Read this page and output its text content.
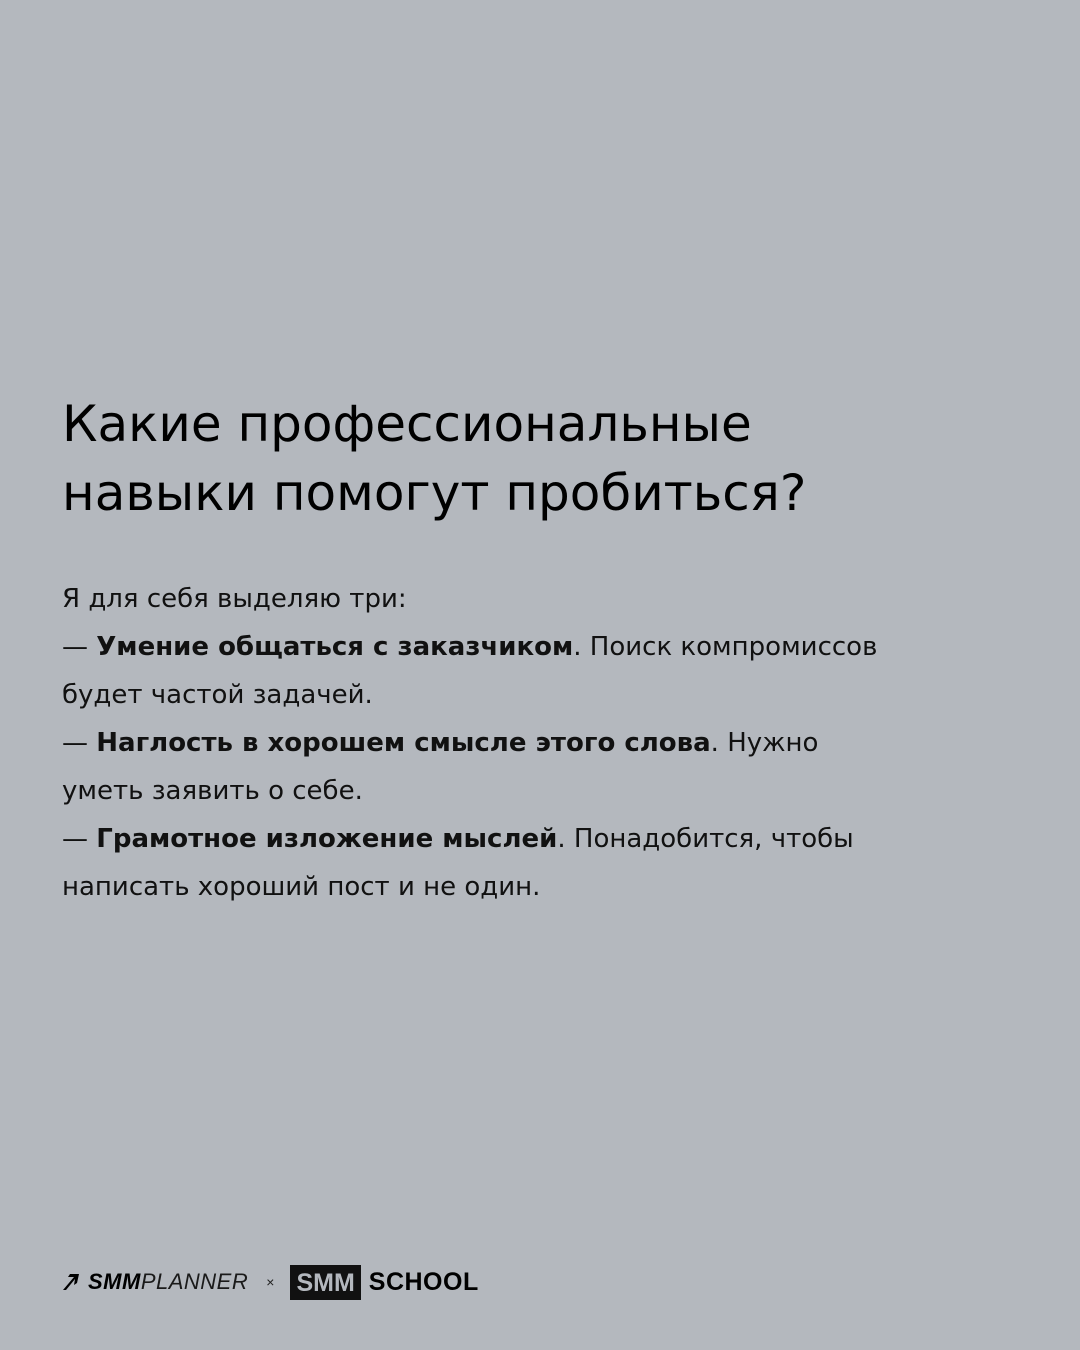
Какие профессиональные
навыки помогут пробиться?
Я для себя выделяю три:
— Умение общаться с заказчиком. Поиск компромиссов
будет частой задачей.
— Наглость в хорошем смысле этого слова. Нужно
уметь заявить о себе.
— Грамотное изложение мыслей. Понадобится, чтобы
написать хороший пост и не один.
SMM PLANNER × SMM SCHOOL
